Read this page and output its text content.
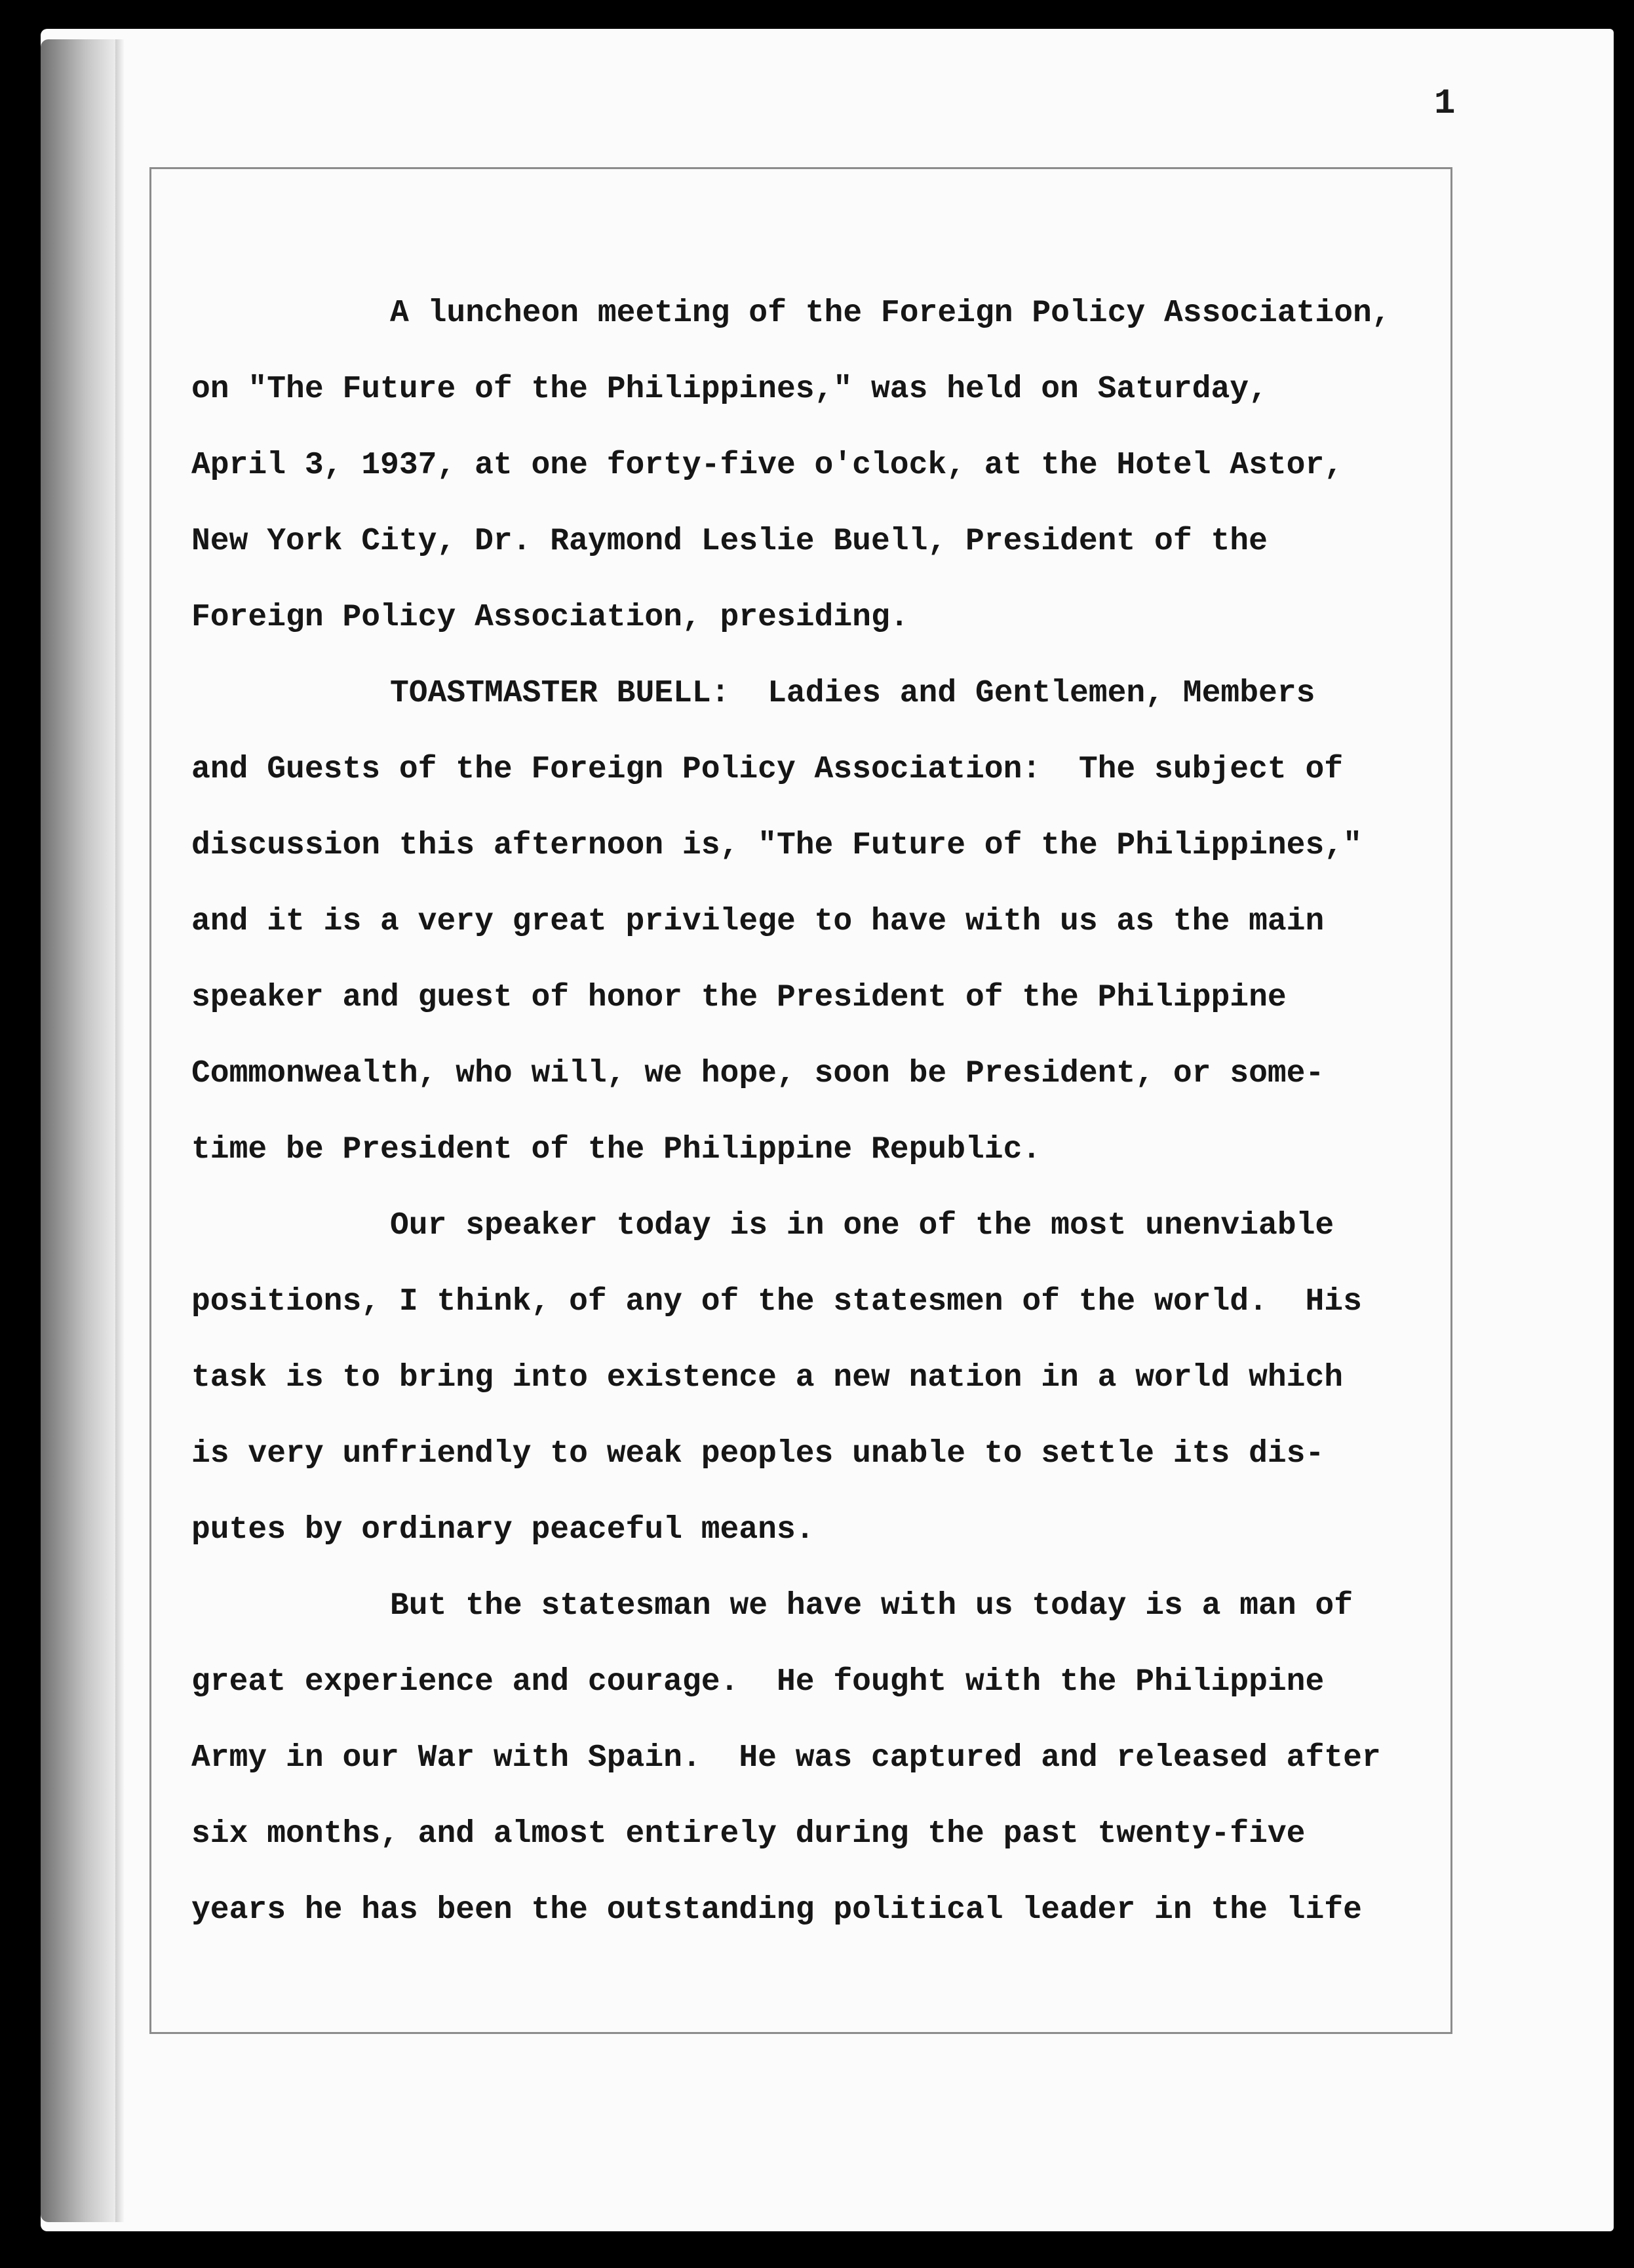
1
A luncheon meeting of the Foreign Policy Association,
on "The Future of the Philippines," was held on Saturday,
April 3, 1937, at one forty-five o'clock, at the Hotel Astor,
New York City, Dr. Raymond Leslie Buell, President of the
Foreign Policy Association, presiding.
TOASTMASTER BUELL:  Ladies and Gentlemen, Members
and Guests of the Foreign Policy Association:  The subject of
discussion this afternoon is, "The Future of the Philippines,"
and it is a very great privilege to have with us as the main
speaker and guest of honor the President of the Philippine
Commonwealth, who will, we hope, soon be President, or some-
time be President of the Philippine Republic.
Our speaker today is in one of the most unenviable
positions, I think, of any of the statesmen of the world.  His
task is to bring into existence a new nation in a world which
is very unfriendly to weak peoples unable to settle its dis-
putes by ordinary peaceful means.
But the statesman we have with us today is a man of
great experience and courage.  He fought with the Philippine
Army in our War with Spain.  He was captured and released after
six months, and almost entirely during the past twenty-five
years he has been the outstanding political leader in the life
